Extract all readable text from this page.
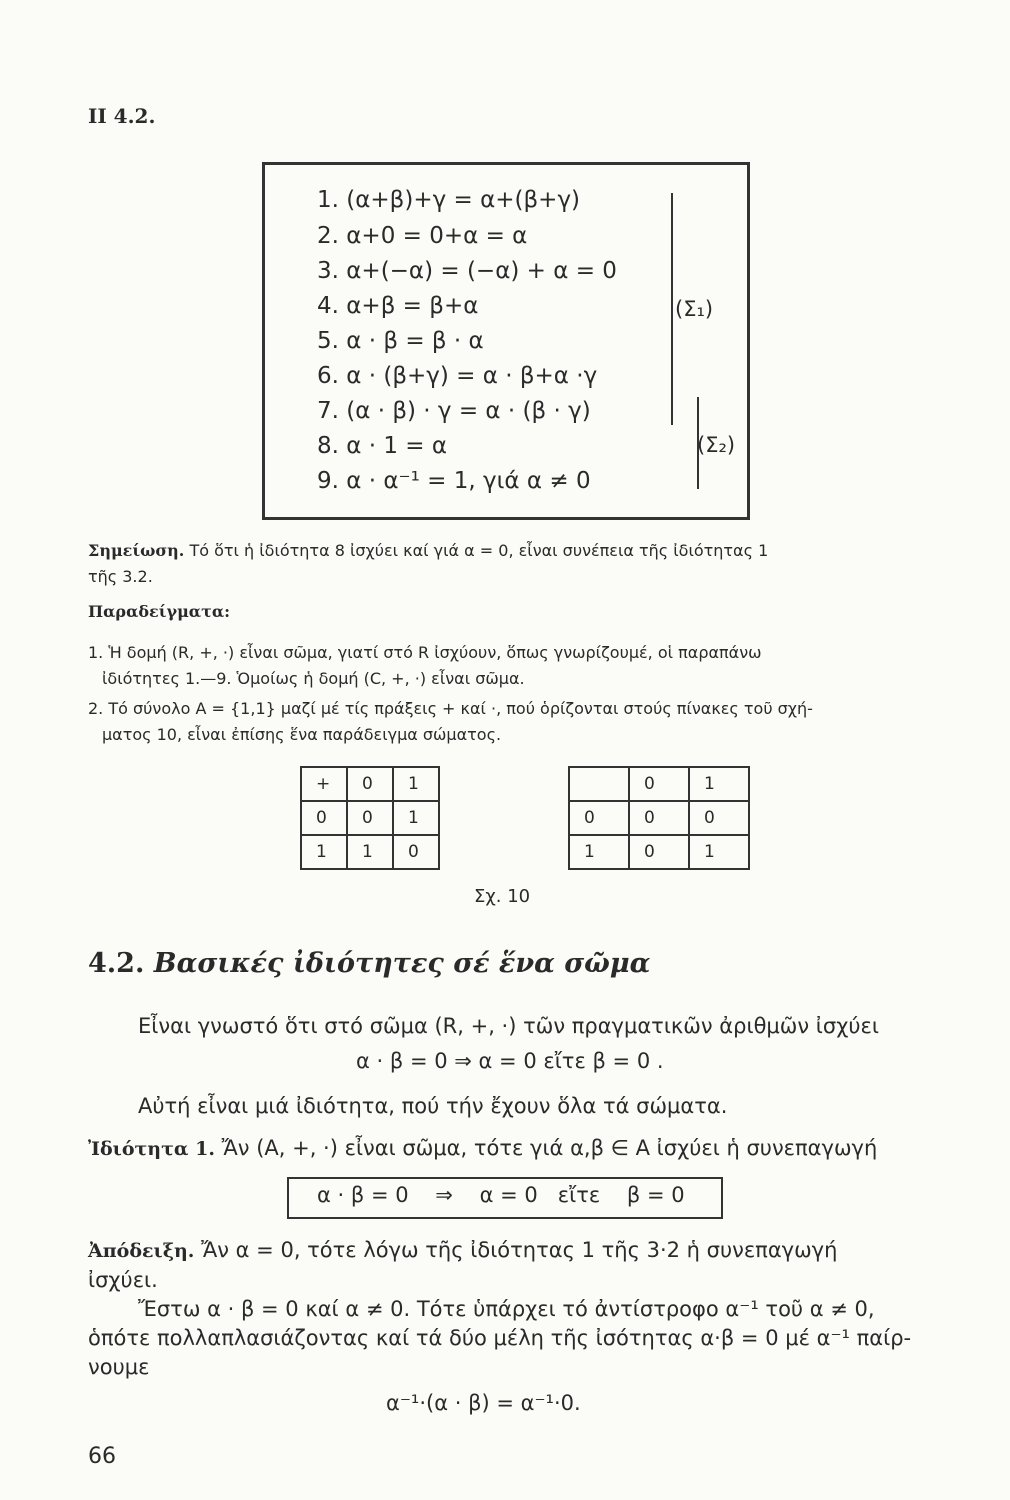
II 4.2.
1. (α+β)+γ = α+(β+γ)
2. α+0 = 0+α = α
3. α+(−α) = (−α) + α = 0
4. α+β = β+α
5. α · β = β · α
6. α · (β+γ) = α · β+α ·γ
7. (α · β) · γ = α · (β · γ)
8. α · 1 = α
9. α · α⁻¹ = 1, γιά α ≠ 0
(Σ₁)
(Σ₂)
Σημείωση. Τό ὅτι ἡ ἰδιότητα 8 ἰσχύει καί γιά α = 0, εἶναι συνέπεια τῆς ἰδιότητας 1
τῆς 3.2.
Παραδείγματα:
1. Ἡ δομή (R, +, ·) εἶναι σῶμα, γιατί στό R ἰσχύουν, ὅπως γνωρίζουμέ, οἱ παραπάνω
ἰδιότητες 1.—9. Ὁμοίως ἡ δομή (C, +, ·) εἶναι σῶμα.
2. Τό σύνολο Α = {1,1} μαζί μέ τίς πράξεις + καί ·, πού ὁρίζονται στούς πίνακες τοῦ σχή-
ματος 10, εἶναι ἐπίσης ἕνα παράδειγμα σώματος.
+	0	1
0	0	1
1	1	0
	0	1
0	0	0
1	0	1
Σχ. 10
4.2. Βασικές ἰδιότητες σέ ἕνα σῶμα
Εἶναι γνωστό ὅτι στό σῶμα (R, +, ·) τῶν πραγματικῶν ἀριθμῶν ἰσχύει
α · β = 0 ⇒ α = 0 εἴτε β = 0 .
Αὐτή εἶναι μιά ἰδιότητα, πού τήν ἔχουν ὅλα τά σώματα.
Ἰδιότητα 1. Ἄν (Α, +, ·) εἶναι σῶμα, τότε γιά α,β ∈ Α ἰσχύει ἡ συνεπαγωγή
α · β = 0    ⇒    α = 0   εἴτε    β = 0
Ἀπόδειξη. Ἄν α = 0, τότε λόγω τῆς ἰδιότητας 1 τῆς 3·2 ἡ συνεπαγωγή
ἰσχύει.
Ἔστω α · β = 0 καί α ≠ 0. Τότε ὑπάρχει τό ἀντίστροφο α⁻¹ τοῦ α ≠ 0,
ὁπότε πολλαπλασιάζοντας καί τά δύο μέλη τῆς ἰσότητας α·β = 0 μέ α⁻¹ παίρ-
νουμε
α⁻¹·(α · β) = α⁻¹·0.
66
